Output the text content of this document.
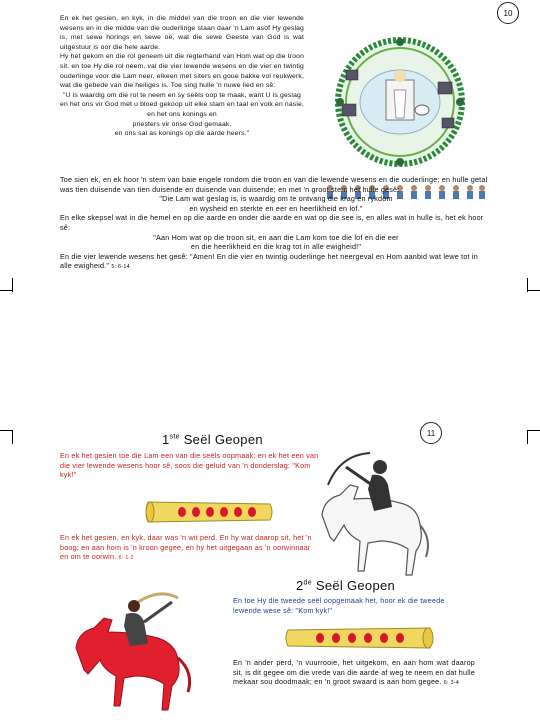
10
En ek het gesien, en kyk, in die middel van die troon en die vier lewende wesens en in die midde van die ouderlinge staan daar 'n Lam asof Hy geslag is, met sewe horings en sewe oë, wat die sewe Geeste van God is wat uitgestuur is oor die hele aarde.
Hy het gekom en die rol geneem uit die regterhand van Hom wat op die troon sit. en toe Hy die rol neem, val die vier lewende wesens en die vier en twintig ouderlinge voor die Lam neer, elkeen met siters en goue bakke vol reukwerk, wat die gebede van die heiliges is. Toe sing hulle 'n nuwe lied en sê:
"U is waardig om die rol te neem en sy seëls oop te maak, want U is geslag en het ons vir God met u bloed gekoop uit elke stam en taal en volk en nasie, en het ons konings en
priesters vir onse God gemaak,
en ons sal as konings op die aarde heers."
Toe sien ek, en ek hoor 'n stem van baie engele rondom die troon en van die lewende wesens en die ouderlinge; en hulle getal was tien duisende van tien duisende en duisende van duisende; en met 'n groot stem het hulle gesê:
"Die Lam wat geslag is, is waardig om te ontvang die krag en rykdom
en wysheid en sterkte en eer en heerlikheid en lof."
En elke skepsel wat in die hemel en op die aarde en onder die aarde en wat op die see is, en alles wat in hulle is, het ek hoor sê:
"Aan Hom wat op die troon sit, en aan die Lam kom toe die lof en die eer
en die heerlikheid en die krag tot in alle ewigheid!"
En die vier lewende wesens het gesê: "Amen! En die vier en twintig ouderlinge het neergeval en Hom aanbid wat lewe tot in alle ewigheid." 5: 6-14
11
1ste Seël Geopen
En ek het gesien toe die Lam een van die seëls oopmaak; en ek het een van die vier lewende wesens hoor sê, soos die geluid van 'n donderslag: "Kom kyk!"
En ek het gesien, en kyk, daar was 'n wit perd. En hy wat daarop sit, het 'n boog; en aan hom is 'n kroon gegee, en hy het uitgegaan as 'n oorwinnaar en om te oorwin. 6: 1-2
2de Seël Geopen
En toe Hy die tweede seël oopgemaak het, hoor ek die tweede lewende wese sê: "Kom kyk!"
En 'n ander perd, 'n vuurrooie, het uitgekom, en aan hom wat daarop sit, is dit gegee om die vrede van die aarde af weg te neem en dat hulle mekaar sou doodmaak; en 'n groot swaard is aan hom gegee. 6: 3-4
